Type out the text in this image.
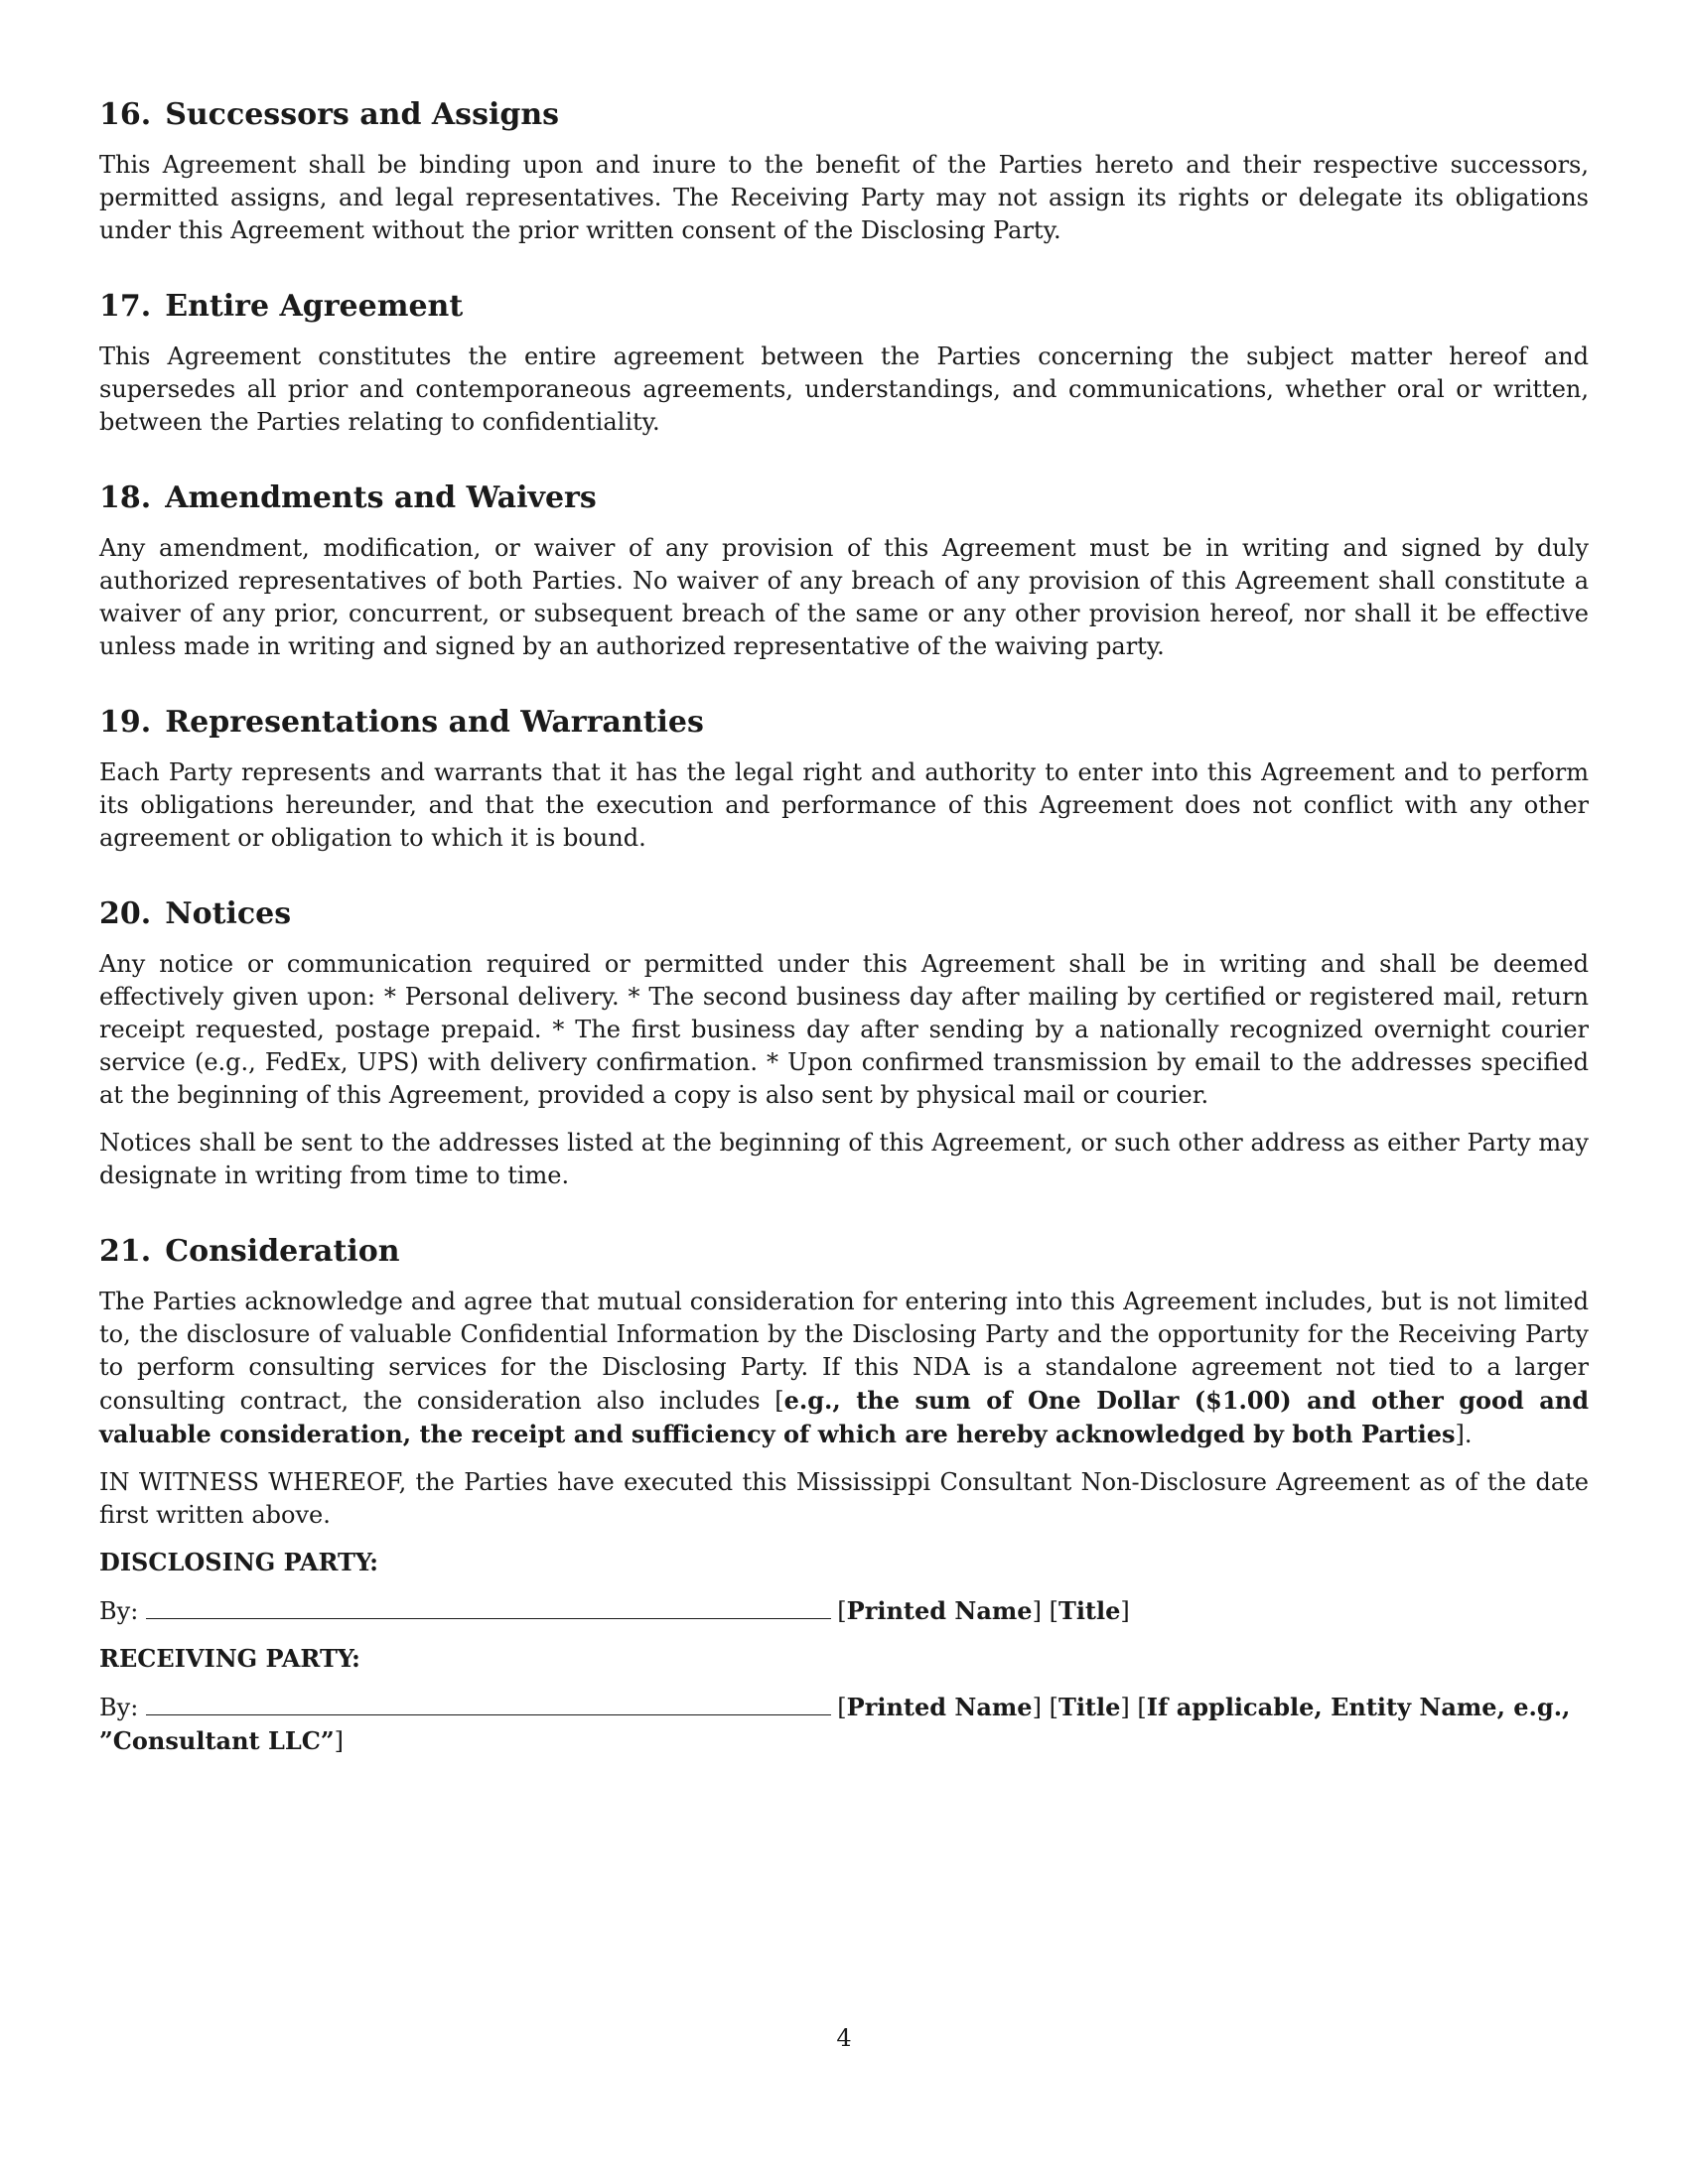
16. Successors and Assigns

This Agreement shall be binding upon and inure to the benefit of the Parties hereto and their respective successors, permitted assigns, and legal representatives. The Receiving Party may not assign its rights or delegate its obligations under this Agreement without the prior written consent of the Disclosing Party.

17. Entire Agreement

This Agreement constitutes the entire agreement between the Parties concerning the subject matter hereof and supersedes all prior and contemporaneous agreements, understandings, and communications, whether oral or written, between the Parties relating to confidentiality.

18. Amendments and Waivers

Any amendment, modification, or waiver of any provision of this Agreement must be in writing and signed by duly authorized representatives of both Parties. No waiver of any breach of any provision of this Agreement shall constitute a waiver of any prior, concurrent, or subsequent breach of the same or any other provision hereof, nor shall it be effective unless made in writing and signed by an authorized representative of the waiving party.

19. Representations and Warranties

Each Party represents and warrants that it has the legal right and authority to enter into this Agreement and to perform its obligations hereunder, and that the execution and performance of this Agreement does not conflict with any other agreement or obligation to which it is bound.

20. Notices

Any notice or communication required or permitted under this Agreement shall be in writing and shall be deemed effectively given upon: * Personal delivery. * The second business day after mailing by certified or registered mail, return receipt requested, postage prepaid. * The first business day after sending by a nationally recognized overnight courier service (e.g., FedEx, UPS) with delivery confirmation. * Upon confirmed transmission by email to the addresses specified at the beginning of this Agreement, provided a copy is also sent by physical mail or courier.

Notices shall be sent to the addresses listed at the beginning of this Agreement, or such other address as either Party may designate in writing from time to time.

21. Consideration

The Parties acknowledge and agree that mutual consideration for entering into this Agreement includes, but is not limited to, the disclosure of valuable Confidential Information by the Disclosing Party and the opportunity for the Receiving Party to perform consulting services for the Disclosing Party. If this NDA is a standalone agreement not tied to a larger consulting contract, the consideration also includes [e.g., the sum of One Dollar ($1.00) and other good and valuable consideration, the receipt and sufficiency of which are hereby acknowledged by both Parties].

IN WITNESS WHEREOF, the Parties have executed this Mississippi Consultant Non-Disclosure Agreement as of the date first written above.

DISCLOSING PARTY:
By:	[Printed Name] [Title]
RECEIVING PARTY:
By:	[Printed Name] [Title] [If applicable, Entity Name, e.g., ”Consultant LLC”]
4
